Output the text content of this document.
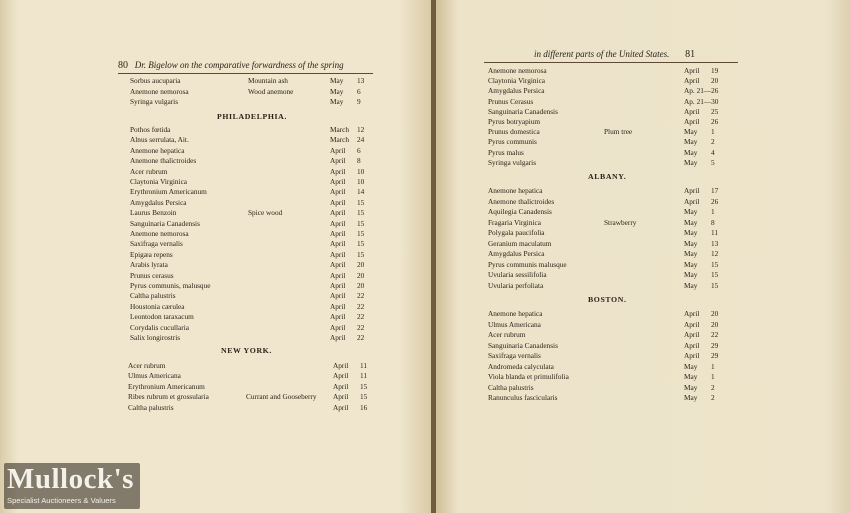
80 Dr. Bigelow on the comparative forwardness of the spring
Sorbus aucuparia	Mountain ash	May 13
Anemone nemorosa	Wood anemone	May 6
Syringa vulgaris	May 9
PHILADELPHIA.
Pothos fœtida	March 12
Alnus serrulata, Ait.	March 24
Anemone hepatica	April 6
Anemone thalictroides	April 8
Acer rubrum	April 10
Claytonia Virginica	April 10
Erythronium Americanum	April 14
Amygdalus Persica	April 15
Laurus Benzoin	Spice wood	April 15
Sanguinaria Canadensis	April 15
Anemone nemorosa	April 15
Saxifraga vernalis	April 15
Epigæa repens	April 15
Arabis lyrata	April 20
Prunus cerasus	April 20
Pyrus communis, malusque	April 20
Caltha palustris	April 22
Houstonia cærulea	April 22
Leontodon taraxacum	April 22
Corydalis cucullaria	April 22
Salix longirostris	April 22
NEW YORK.
Acer rubrum	April 11
Ulmus Americana	April 11
Erythronium Americanum	April 15
Ribes rubrum et grossularia	Currant and Gooseberry April 15
Caltha palustris	April 16
in different parts of the United States. 81
Anemone nemorosa	April 19
Claytonia Virginica	April 20
Amygdalus Persica	Ap. 21—26
Prunus Cerasus	Ap. 21—30
Sanguinaria Canadensis	April 25
Pyrus botryapium	April 26
Prunus domestica	Plum tree	May 1
Pyrus communis	May 2
Pyrus malus	May 4
Syringa vulgaris	May 5
ALBANY.
Anemone hepatica	April 17
Anemone thalictroides	April 26
Aquilegia Canadensis	May 1
Fragaria Virginica	Strawberry	May 8
Polygala paucifolia	May 11
Geranium maculatum	May 13
Amygdalus Persica	May 12
Pyrus communis malusque	May 15
Uvularia sessilifolia	May 15
Uvularia perfoliata	May 15
BOSTON.
Anemone hepatica	April 20
Ulmus Americana	April 20
Acer rubrum	April 22
Sanguinaria Canadensis	April 29
Saxifraga vernalis	April 29
Andromeda calyculata	May 1
Viola blanda et primulifolia	May 1
Caltha palustris	May 2
Ranunculus fascicularis	May 2
Mullock's
Specialist Auctioneers & Valuers
